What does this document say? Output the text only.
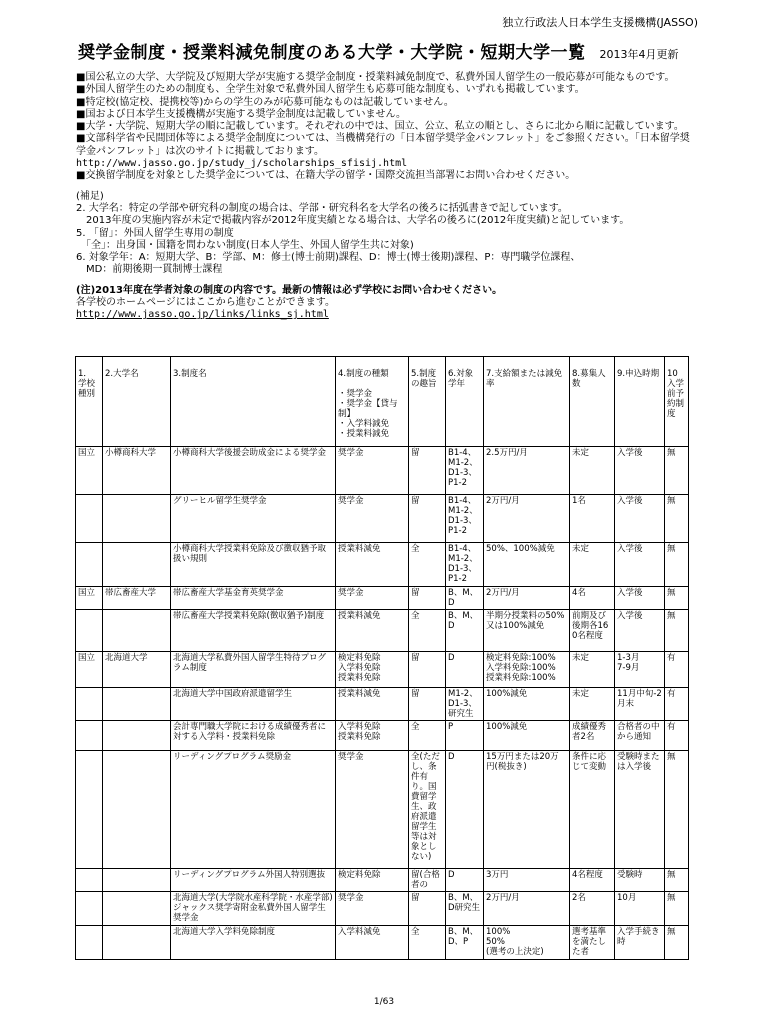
独立行政法人日本学生支援機構(JASSO)
奨学金制度・授業料減免制度のある大学・大学院・短期大学一覧 2013年4月更新

■国公私立の大学、大学院及び短期大学が実施する奨学金制度・授業料減免制度で、私費外国人留学生の一般応募が可能なものです。

■外国人留学生のための制度も、全学生対象で私費外国人留学生も応募可能な制度も、いずれも掲載しています。

■特定校(協定校、提携校等)からの学生のみが応募可能なものは記載していません。

■国および日本学生支援機構が実施する奨学金制度は記載していません。

■大学・大学院、短期大学の順に記載しています。それぞれの中では、国立、公立、私立の順とし、さらに北から順に記載しています。

■文部科学省や民間団体等による奨学金制度については、当機構発行の「日本留学奨学金パンフレット」をご参照ください。「日本留学奨学金パンフレット」は次のサイトに掲載しております。

http://www.jasso.go.jp/study_j/scholarships_sfisij.html

■交換留学制度を対象とした奨学金については、在籍大学の留学・国際交流担当部署にお問い合わせください。

(補足)

2. 大学名：特定の学部や研究科の制度の場合は、学部・研究科名を大学名の後ろに括弧書きで記しています。

　2013年度の実施内容が未定で掲載内容が2012年度実績となる場合は、大学名の後ろに(2012年度実績)と記しています。

5. 「留」：外国人留学生専用の制度

　「全」：出身国・国籍を問わない制度(日本人学生、外国人留学生共に対象)

6. 対象学年：A：短期大学、B：学部、M：修士(博士前期)課程、D：博士(博士後期)課程、P：専門職学位課程、

　MD：前期後期一貫制博士課程

(注)2013年度在学者対象の制度の内容です。最新の情報は必ず学校にお問い合わせください。

各学校のホームページにはここから進むことができます。

http://www.jasso.go.jp/links/links_sj.html

1．学校種別	2.大学名	3.制度名	4.制度の種類

・奨学金
・奨学金【貸与制】
・入学料減免
・授業料減免	5.制度の趣旨	6.対象学年	7.支給額または減免率	8.募集人数	9.申込時期	10入学前予約制度
国立	小樽商科大学	小樽商科大学後援会助成金による奨学金	奨学金	留	B1-4、M1-2、D1-3、P1-2	2.5万円/月	未定	入学後	無
		グリーヒル留学生奨学金	奨学金	留	B1-4、M1-2、D1-3、P1-2	2万円/月	1名	入学後	無
		小樽商科大学授業料免除及び徴収猶予取扱い規則	授業料減免	全	B1-4、M1-2、D1-3、P1-2	50%、100%減免	未定	入学後	無
国立	帯広畜産大学	帯広畜産大学基金育英奨学金	奨学金	留	B、M、D	2万円/月	4名	入学後	無
		帯広畜産大学授業料免除(徴収猶予)制度	授業料減免	全	B、M、D	半期分授業料の50%又は100%減免	前期及び後期各160名程度	入学後	無
国立	北海道大学	北海道大学私費外国人留学生特待プログラム制度	検定料免除
入学料免除
授業料免除	留	D	検定料免除:100%
入学料免除:100%
授業料免除:100%	未定	1-3月
7-9月	有
		北海道大学中国政府派遣留学生	授業料減免	留	M1-2、D1-3、研究生	100%減免	未定	11月中旬-2月末	有
		会計専門職大学院における成績優秀者に対する入学料・授業料免除	入学料免除
授業料免除	全	P	100%減免	成績優秀者2名	合格者の中から通知	有
		リーディングプログラム奨励金	奨学金	全(ただし、条件有り。国費留学生、政府派遣留学生等は対象としない)	D	15万円または20万円(税抜き)	条件に応じて変動	受験時または入学後	無
		リーディングプログラム外国人特別選抜	検定料免除	留(合格者の	D	3万円	4名程度	受験時	無
		北海道大学(大学院水産科学院・水産学部)ジャックス奨学寄附金私費外国人留学生奨学金	奨学金	留	B、M、D研究生	2万円/月	2名	10月	無
		北海道大学入学料免除制度	入学料減免	全	B、M、D、P	100%
50%
(選考の上決定)	選考基準を満たした者	入学手続き時	無
1/63
